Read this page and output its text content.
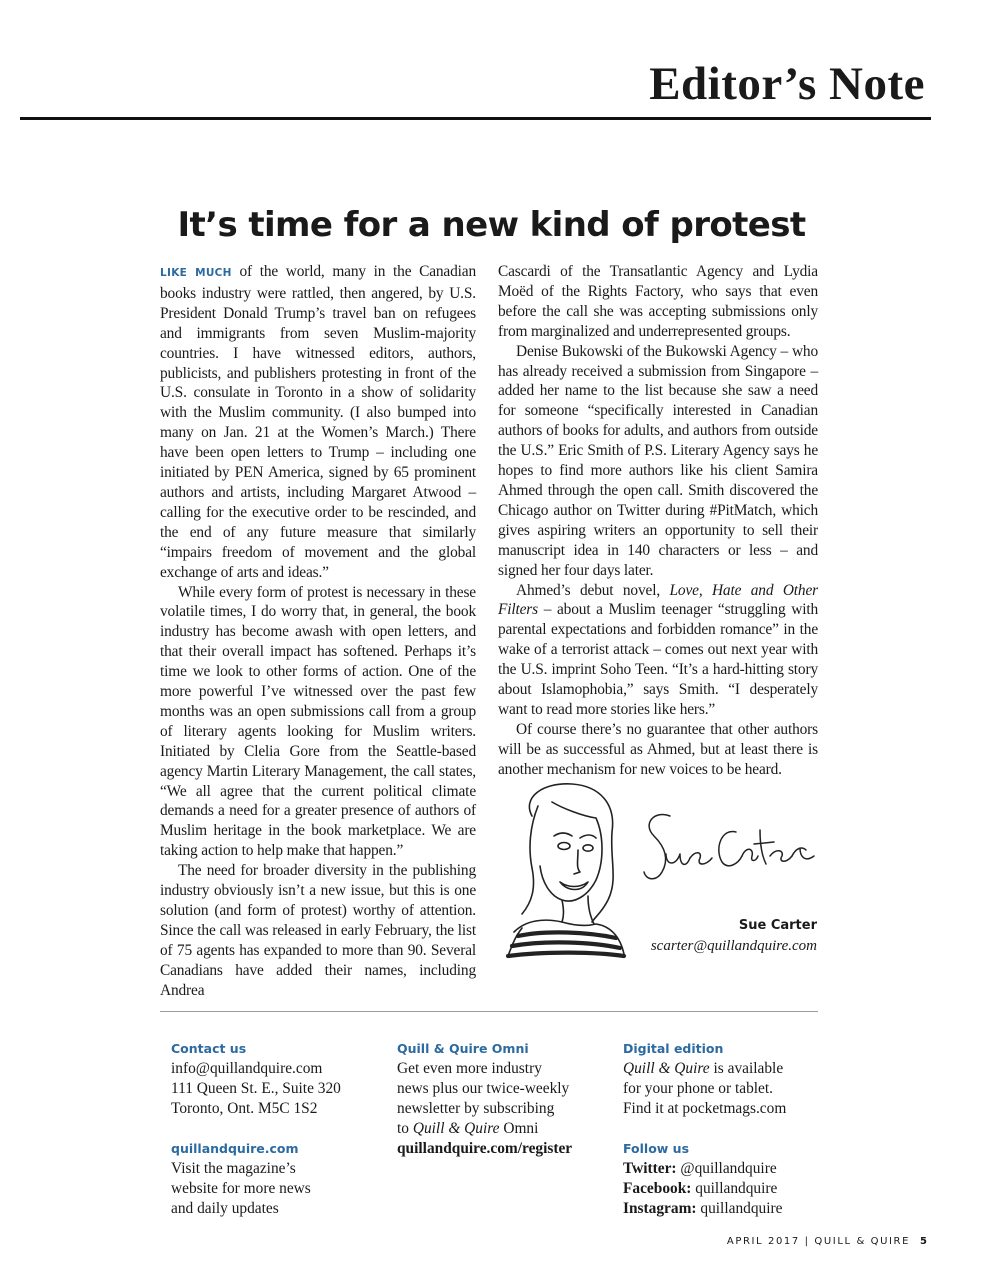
Editor’s Note
It’s time for a new kind of protest

LIKE MUCH of the world, many in the Canadian books industry were rattled, then angered, by U.S. President Donald Trump’s travel ban on refugees and immigrants from seven Muslim-majority countries. I have witnessed editors, authors, publicists, and publishers protesting in front of the U.S. consulate in Toronto in a show of solidarity with the Muslim community. (I also bumped into many on Jan. 21 at the Women’s March.) There have been open letters to Trump – including one initiated by PEN America, signed by 65 prominent authors and artists, including Margaret Atwood – calling for the executive order to be rescinded, and the end of any future measure that similarly “impairs freedom of movement and the global exchange of arts and ideas.”

While every form of protest is necessary in these volatile times, I do worry that, in general, the book industry has become awash with open letters, and that their overall impact has softened. Perhaps it’s time we look to other forms of action. One of the more powerful I’ve witnessed over the past few months was an open submissions call from a group of literary agents looking for Muslim writers. Initiated by Clelia Gore from the Seattle-based agency Martin Literary Management, the call states, “We all agree that the current political climate demands a need for a greater presence of authors of Muslim heritage in the book marketplace. We are taking action to help make that happen.”

The need for broader diversity in the publishing industry obviously isn’t a new issue, but this is one solution (and form of protest) worthy of attention. Since the call was released in early February, the list of 75 agents has expanded to more than 90. Several Canadians have added their names, including Andrea

Cascardi of the Transatlantic Agency and Lydia Moëd of the Rights Factory, who says that even before the call she was accepting submissions only from marginalized and underrepresented groups.

Denise Bukowski of the Bukowski Agency – who has already received a submission from Singapore – added her name to the list because she saw a need for someone “specifically interested in Canadian authors of books for adults, and authors from outside the U.S.” Eric Smith of P.S. Literary Agency says he hopes to find more authors like his client Samira Ahmed through the open call. Smith discovered the Chicago author on Twitter during #PitMatch, which gives aspiring writers an opportunity to sell their manuscript idea in 140 characters or less – and signed her four days later.

Ahmed’s debut novel, Love, Hate and Other Filters – about a Muslim teenager “struggling with parental expectations and forbidden romance” in the wake of a terrorist attack – comes out next year with the U.S. imprint Soho Teen. “It’s a hard-hitting story about Islamophobia,” says Smith. “I desperately want to read more stories like hers.”

Of course there’s no guarantee that other authors will be as successful as Ahmed, but at least there is another mechanism for new voices to be heard.

Sue Carter

scarter@quillandquire.com

Contact us
info@quillandquire.com
111 Queen St. E., Suite 320
Toronto, Ont. M5C 1S2
quillandquire.com
Visit the magazine’s
website for more news
and daily updates
Quill & Quire Omni
Get even more industry
news plus our twice-weekly
newsletter by subscribing
to Quill & Quire Omni
quillandquire.com/register
Digital edition
Quill & Quire is available
for your phone or tablet.
Find it at pocketmags.com
Follow us
Twitter: @quillandquire
Facebook: quillandquire
Instagram: quillandquire

APRIL 2017 | QUILL & QUIRE 5
